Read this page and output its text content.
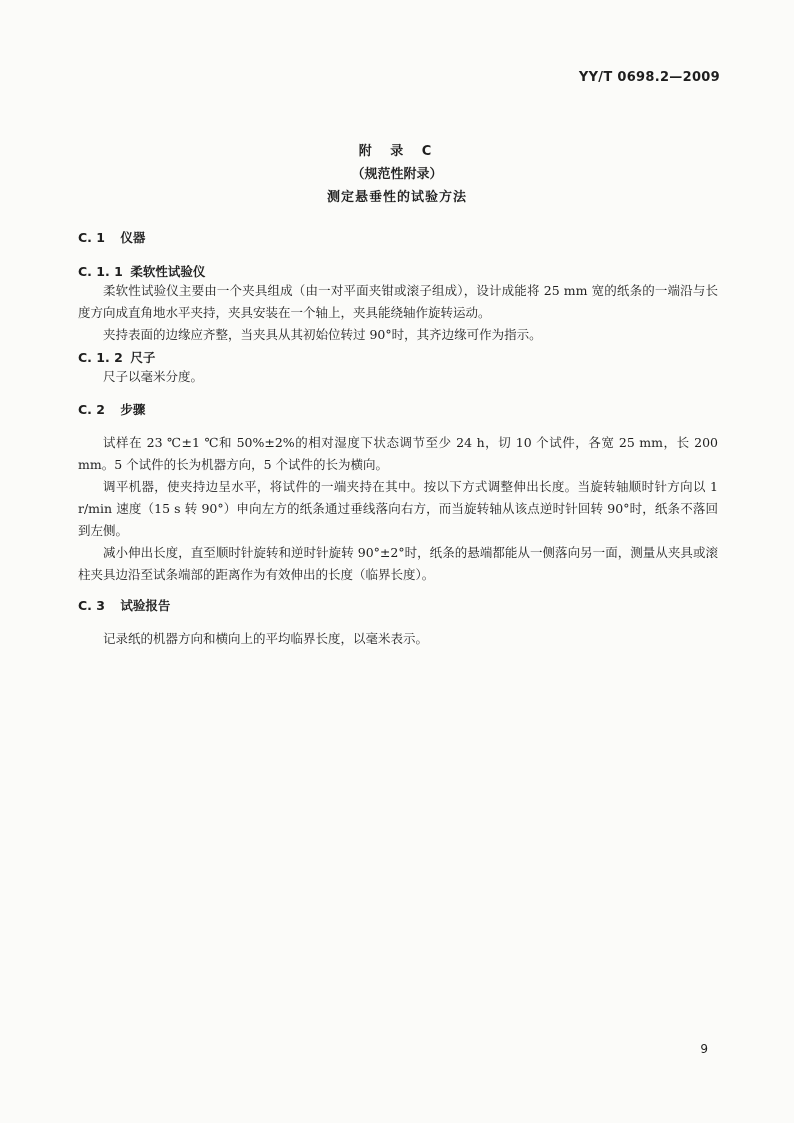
YY/T 0698.2—2009
附 录 C
（规范性附录）
测定悬垂性的试验方法
C. 1 仪器
C. 1. 1 柔软性试验仪
柔软性试验仪主要由一个夹具组成（由一对平面夹钳或滚子组成），设计成能将 25 mm 宽的纸条的一端沿与长度方向成直角地水平夹持，夹具安装在一个轴上，夹具能绕轴作旋转运动。
夹持表面的边缘应齐整，当夹具从其初始位转过 90°时，其齐边缘可作为指示。
C. 1. 2 尺子
尺子以毫米分度。
C. 2 步骤
试样在 23 ℃±1 ℃和 50%±2%的相对湿度下状态调节至少 24 h，切 10 个试件，各宽 25 mm，长 200 mm。5 个试件的长为机器方向，5 个试件的长为横向。
调平机器，使夹持边呈水平，将试件的一端夹持在其中。按以下方式调整伸出长度。当旋转轴顺时针方向以 1 r/min 速度（15 s 转 90°）申向左方的纸条通过垂线落向右方，而当旋转轴从该点逆时针回转 90°时，纸条不落回到左侧。
减小伸出长度，直至顺时针旋转和逆时针旋转 90°±2°时，纸条的悬端都能从一侧落向另一面，测量从夹具或滚柱夹具边沿至试条端部的距离作为有效伸出的长度（临界长度）。
C. 3 试验报告
记录纸的机器方向和横向上的平均临界长度，以毫米表示。
9
